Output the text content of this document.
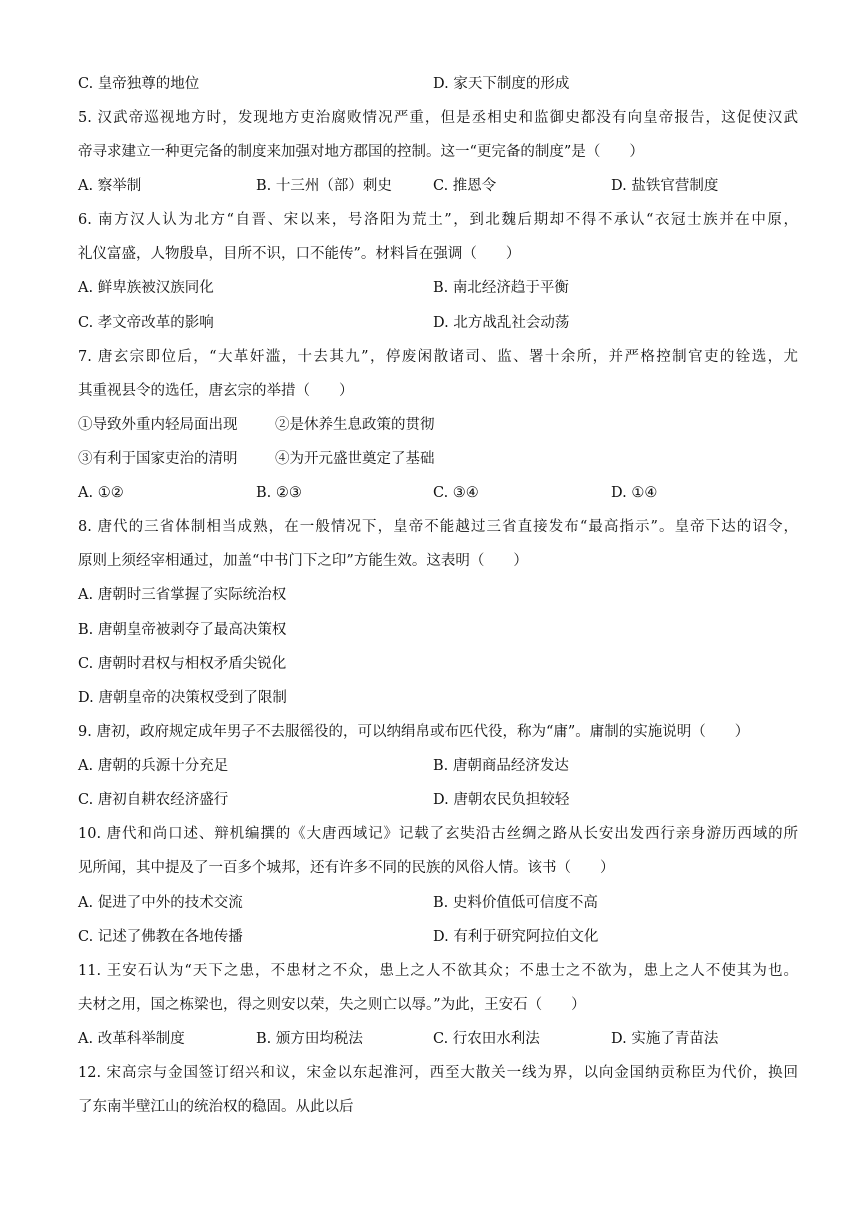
C. 皇帝独尊的地位	D. 家天下制度的形成
5. 汉武帝巡视地方时，发现地方吏治腐败情况严重，但是丞相史和监御史都没有向皇帝报告，这促使汉武
帝寻求建立一种更完备的制度来加强对地方郡国的控制。这一“更完备的制度”是（　　）
A. 察举制	B. 十三州（部）刺史	C. 推恩令	D. 盐铁官营制度
6. 南方汉人认为北方“自晋、宋以来，号洛阳为荒土”，到北魏后期却不得不承认“衣冠士族并在中原，
礼仪富盛，人物殷阜，目所不识，口不能传”。材料旨在强调（　　）
A. 鲜卑族被汉族同化	B. 南北经济趋于平衡
C. 孝文帝改革的影响	D. 北方战乱社会动荡
7. 唐玄宗即位后，“大革奸滥，十去其九”，停废闲散诸司、监、署十余所，并严格控制官吏的铨选，尤
其重视县令的选任，唐玄宗的举措（　　）
①导致外重内轻局面出现	②是休养生息政策的贯彻
③有利于国家吏治的清明	④为开元盛世奠定了基础
A. ①②	B. ②③	C. ③④	D. ①④
8. 唐代的三省体制相当成熟，在一般情况下，皇帝不能越过三省直接发布“最高指示”。皇帝下达的诏令，
原则上须经宰相通过，加盖“中书门下之印”方能生效。这表明（　　）
A. 唐朝时三省掌握了实际统治权
B. 唐朝皇帝被剥夺了最高决策权
C. 唐朝时君权与相权矛盾尖锐化
D. 唐朝皇帝的决策权受到了限制
9. 唐初，政府规定成年男子不去服徭役的，可以纳绢帛或布匹代役，称为“庸”。庸制的实施说明（　　）
A. 唐朝的兵源十分充足	B. 唐朝商品经济发达
C. 唐初自耕农经济盛行	D. 唐朝农民负担较轻
10. 唐代和尚口述、辩机编撰的《大唐西域记》记载了玄奘沿古丝绸之路从长安出发西行亲身游历西域的所
见所闻，其中提及了一百多个城邦，还有许多不同的民族的风俗人情。该书（　　）
A. 促进了中外的技术交流	B. 史料价值低可信度不高
C. 记述了佛教在各地传播	D. 有利于研究阿拉伯文化
11. 王安石认为“天下之患，不患材之不众，患上之人不欲其众；不患士之不欲为，患上之人不使其为也。
夫材之用，国之栋梁也，得之则安以荣，失之则亡以辱。”为此，王安石（　　）
A. 改革科举制度	B. 颁方田均税法	C. 行农田水利法	D. 实施了青苗法
12. 宋高宗与金国签订绍兴和议，宋金以东起淮河，西至大散关一线为界，以向金国纳贡称臣为代价，换回
了东南半壁江山的统治权的稳固。从此以后
